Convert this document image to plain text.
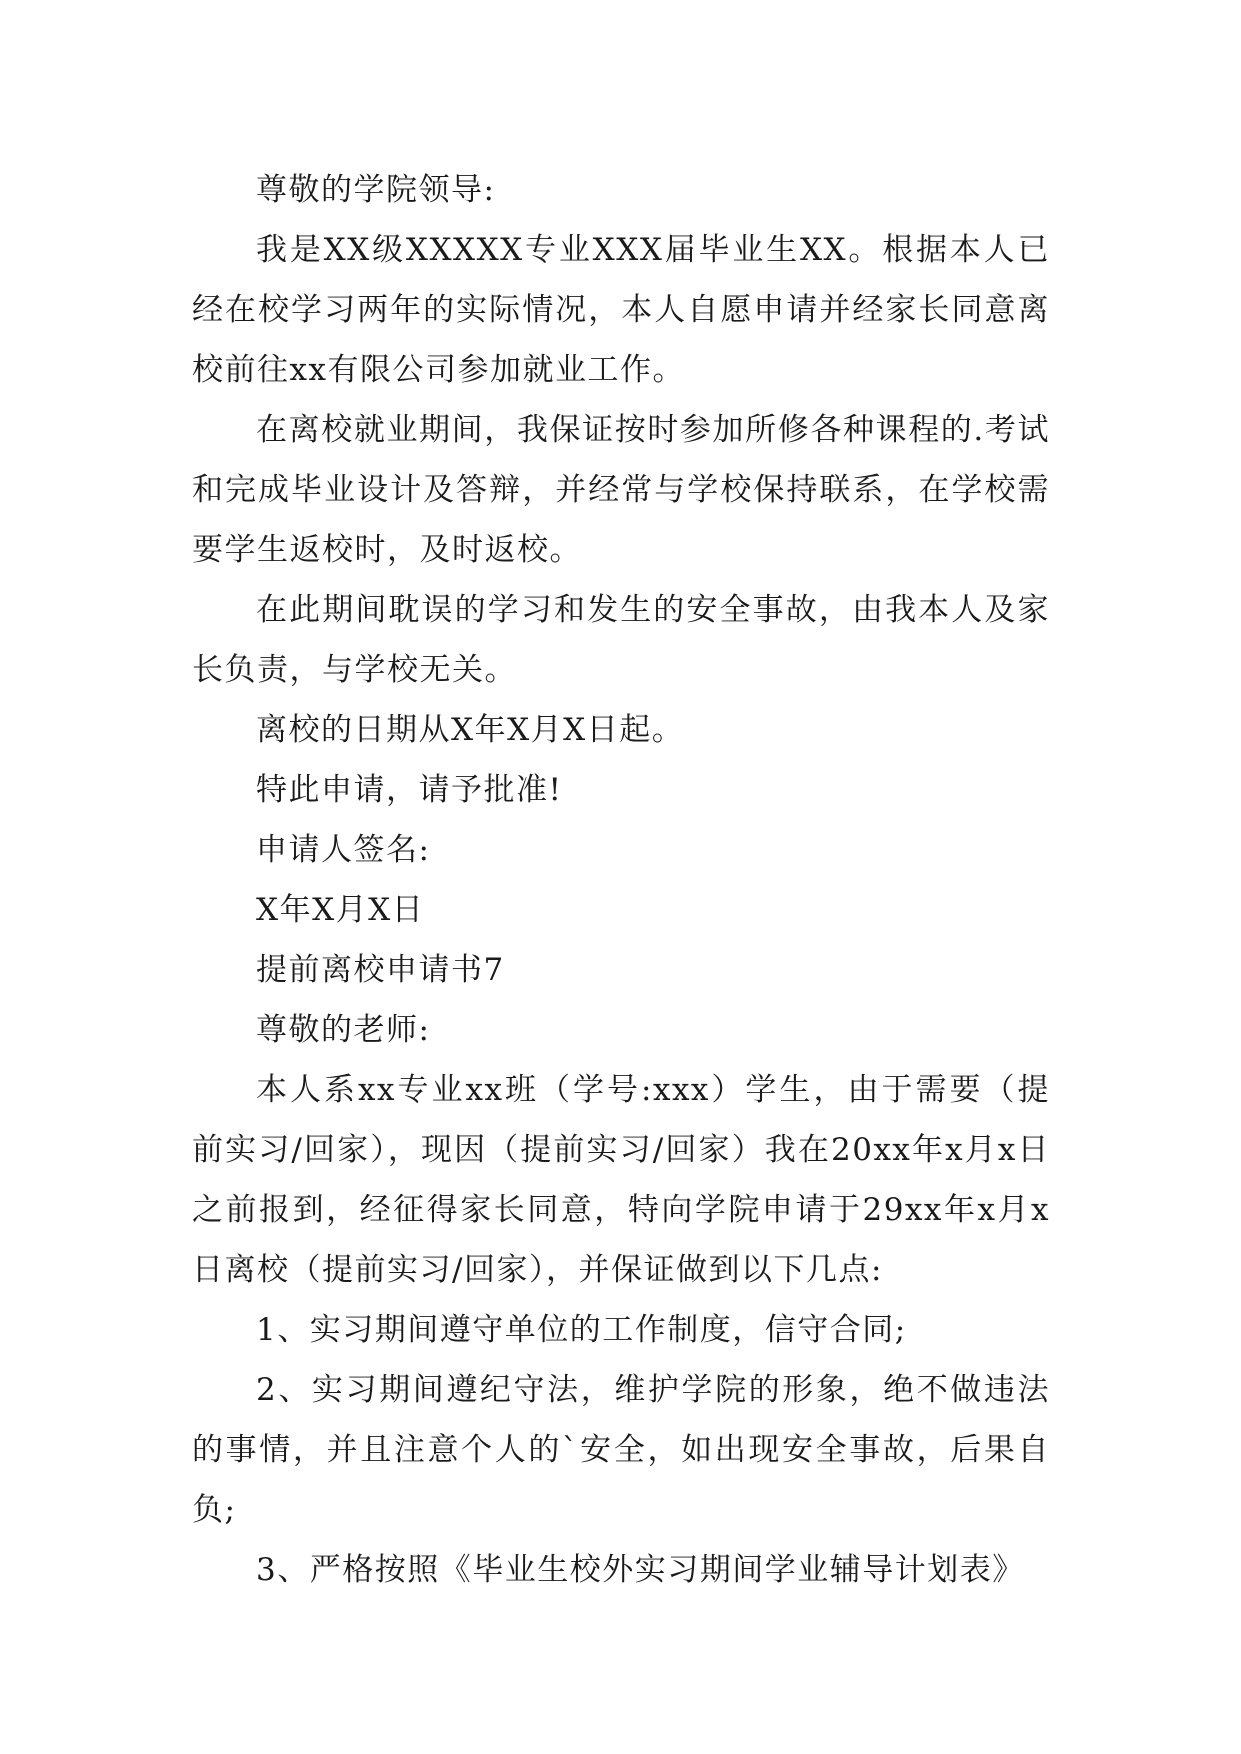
尊敬的学院领导:

我是XX级XXXXX专业XXX届毕业生XX。根据本人已经在校学习两年的实际情况，本人自愿申请并经家长同意离校前往xx有限公司参加就业工作。

在离校就业期间，我保证按时参加所修各种课程的.考试和完成毕业设计及答辩，并经常与学校保持联系，在学校需要学生返校时，及时返校。

在此期间耽误的学习和发生的安全事故，由我本人及家长负责，与学校无关。

离校的日期从X年X月X日起。

特此申请，请予批准!

申请人签名:

X年X月X日

提前离校申请书7

尊敬的老师:

本人系xx专业xx班（学号:xxx）学生，由于需要（提前实习/回家），现因（提前实习/回家）我在20xx年x月x日之前报到，经征得家长同意，特向学院申请于29xx年x月x日离校（提前实习/回家），并保证做到以下几点:

1、实习期间遵守单位的工作制度，信守合同;

2、实习期间遵纪守法，维护学院的形象，绝不做违法的事情，并且注意个人的`安全，如出现安全事故，后果自负;

3、严格按照《毕业生校外实习期间学业辅导计划表》
